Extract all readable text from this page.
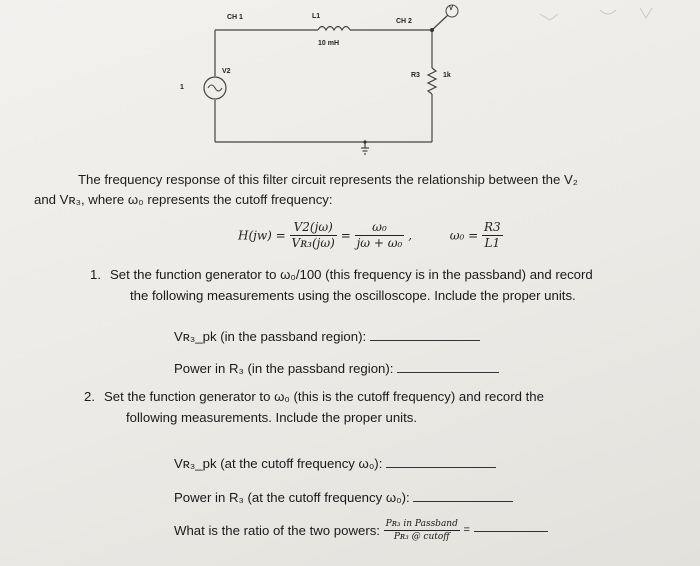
CH 1
CH 2
L1
10 mH
V2
1
R3	1k
V
The frequency response of this filter circuit represents the relationship between the V₂
and Vʀ₃, where ω₀ represents the cutoff frequency:
$H(jw) = \frac{V2(j\omega)}{\text{Vʀ₃(jω)}} = \frac{\text{ω₀}}{\text{jω + ω₀}}$ ,	$\omega_0 = \frac{R3}{L1}$
1. Set the function generator to ω₀/100 (this frequency is in the passband) and record
the following measurements using the oscilloscope. Include the proper units.
Vʀ₃_pk (in the passband region):
Power in R₃ (in the passband region):
2. Set the function generator to ω₀ (this is the cutoff frequency) and record the
following measurements. Include the proper units.
Vʀ₃_pk (at the cutoff frequency ω₀):
Power in R₃ (at the cutoff frequency ω₀):
What is the ratio of the two powers: $\frac{\text{Pʀ₃ in Passband}}{\text{Pʀ₃ @ cutoff}}$ =
